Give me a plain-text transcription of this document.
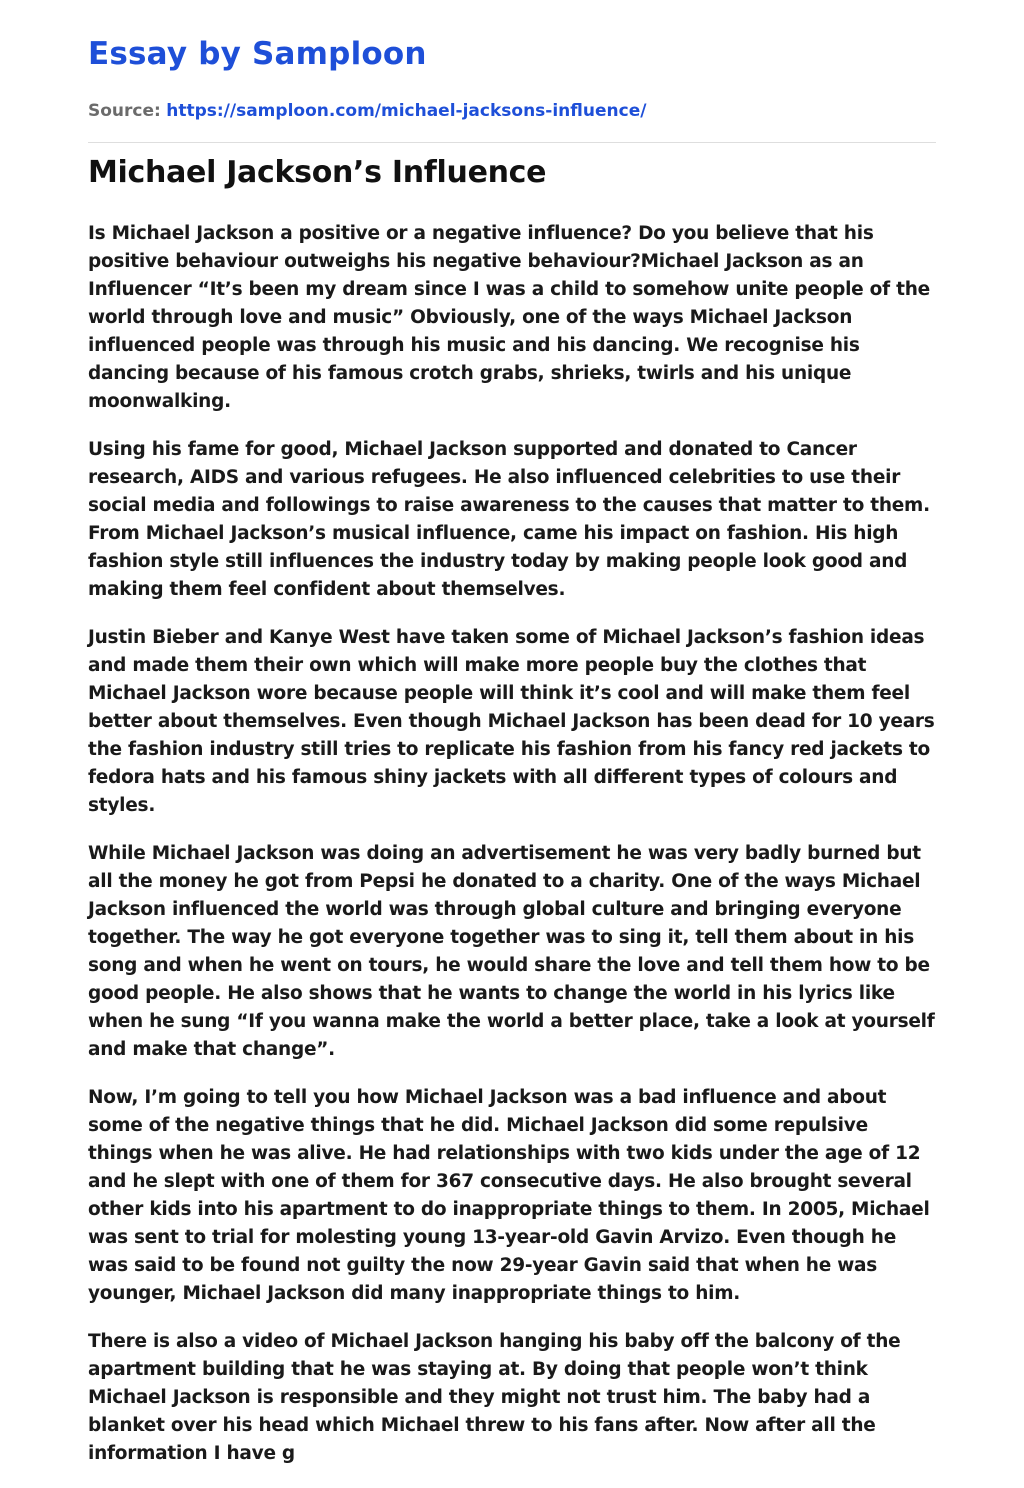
Essay by Samploon
Source: https://samploon.com/michael-jacksons-influence/
Michael Jackson’s Influence

Is Michael Jackson a positive or a negative influence? Do you believe that his positive behaviour outweighs his negative behaviour?Michael Jackson as an Influencer “It’s been my dream since I was a child to somehow unite people of the world through love and music” Obviously, one of the ways Michael Jackson influenced people was through his music and his dancing. We recognise his dancing because of his famous crotch grabs, shrieks, twirls and his unique moonwalking.

Using his fame for good, Michael Jackson supported and donated to Cancer research, AIDS and various refugees. He also influenced celebrities to use their social media and followings to raise awareness to the causes that matter to them. From Michael Jackson’s musical influence, came his impact on fashion. His high fashion style still influences the industry today by making people look good and making them feel confident about themselves.

Justin Bieber and Kanye West have taken some of Michael Jackson’s fashion ideas and made them their own which will make more people buy the clothes that Michael Jackson wore because people will think it’s cool and will make them feel better about themselves. Even though Michael Jackson has been dead for 10 years the fashion industry still tries to replicate his fashion from his fancy red jackets to fedora hats and his famous shiny jackets with all different types of colours and styles.

While Michael Jackson was doing an advertisement he was very badly burned but all the money he got from Pepsi he donated to a charity. One of the ways Michael Jackson influenced the world was through global culture and bringing everyone together. The way he got everyone together was to sing it, tell them about in his song and when he went on tours, he would share the love and tell them how to be good people. He also shows that he wants to change the world in his lyrics like when he sung “If you wanna make the world a better place, take a look at yourself and make that change”.

Now, I’m going to tell you how Michael Jackson was a bad influence and about some of the negative things that he did. Michael Jackson did some repulsive things when he was alive. He had relationships with two kids under the age of 12 and he slept with one of them for 367 consecutive days. He also brought several other kids into his apartment to do inappropriate things to them. In 2005, Michael was sent to trial for molesting young 13-year-old Gavin Arvizo. Even though he was said to be found not guilty the now 29-year Gavin said that when he was younger, Michael Jackson did many inappropriate things to him.

There is also a video of Michael Jackson hanging his baby off the balcony of the apartment building that he was staying at. By doing that people won’t think Michael Jackson is responsible and they might not trust him. The baby had a blanket over his head which Michael threw to his fans after. Now after all the information I have g
